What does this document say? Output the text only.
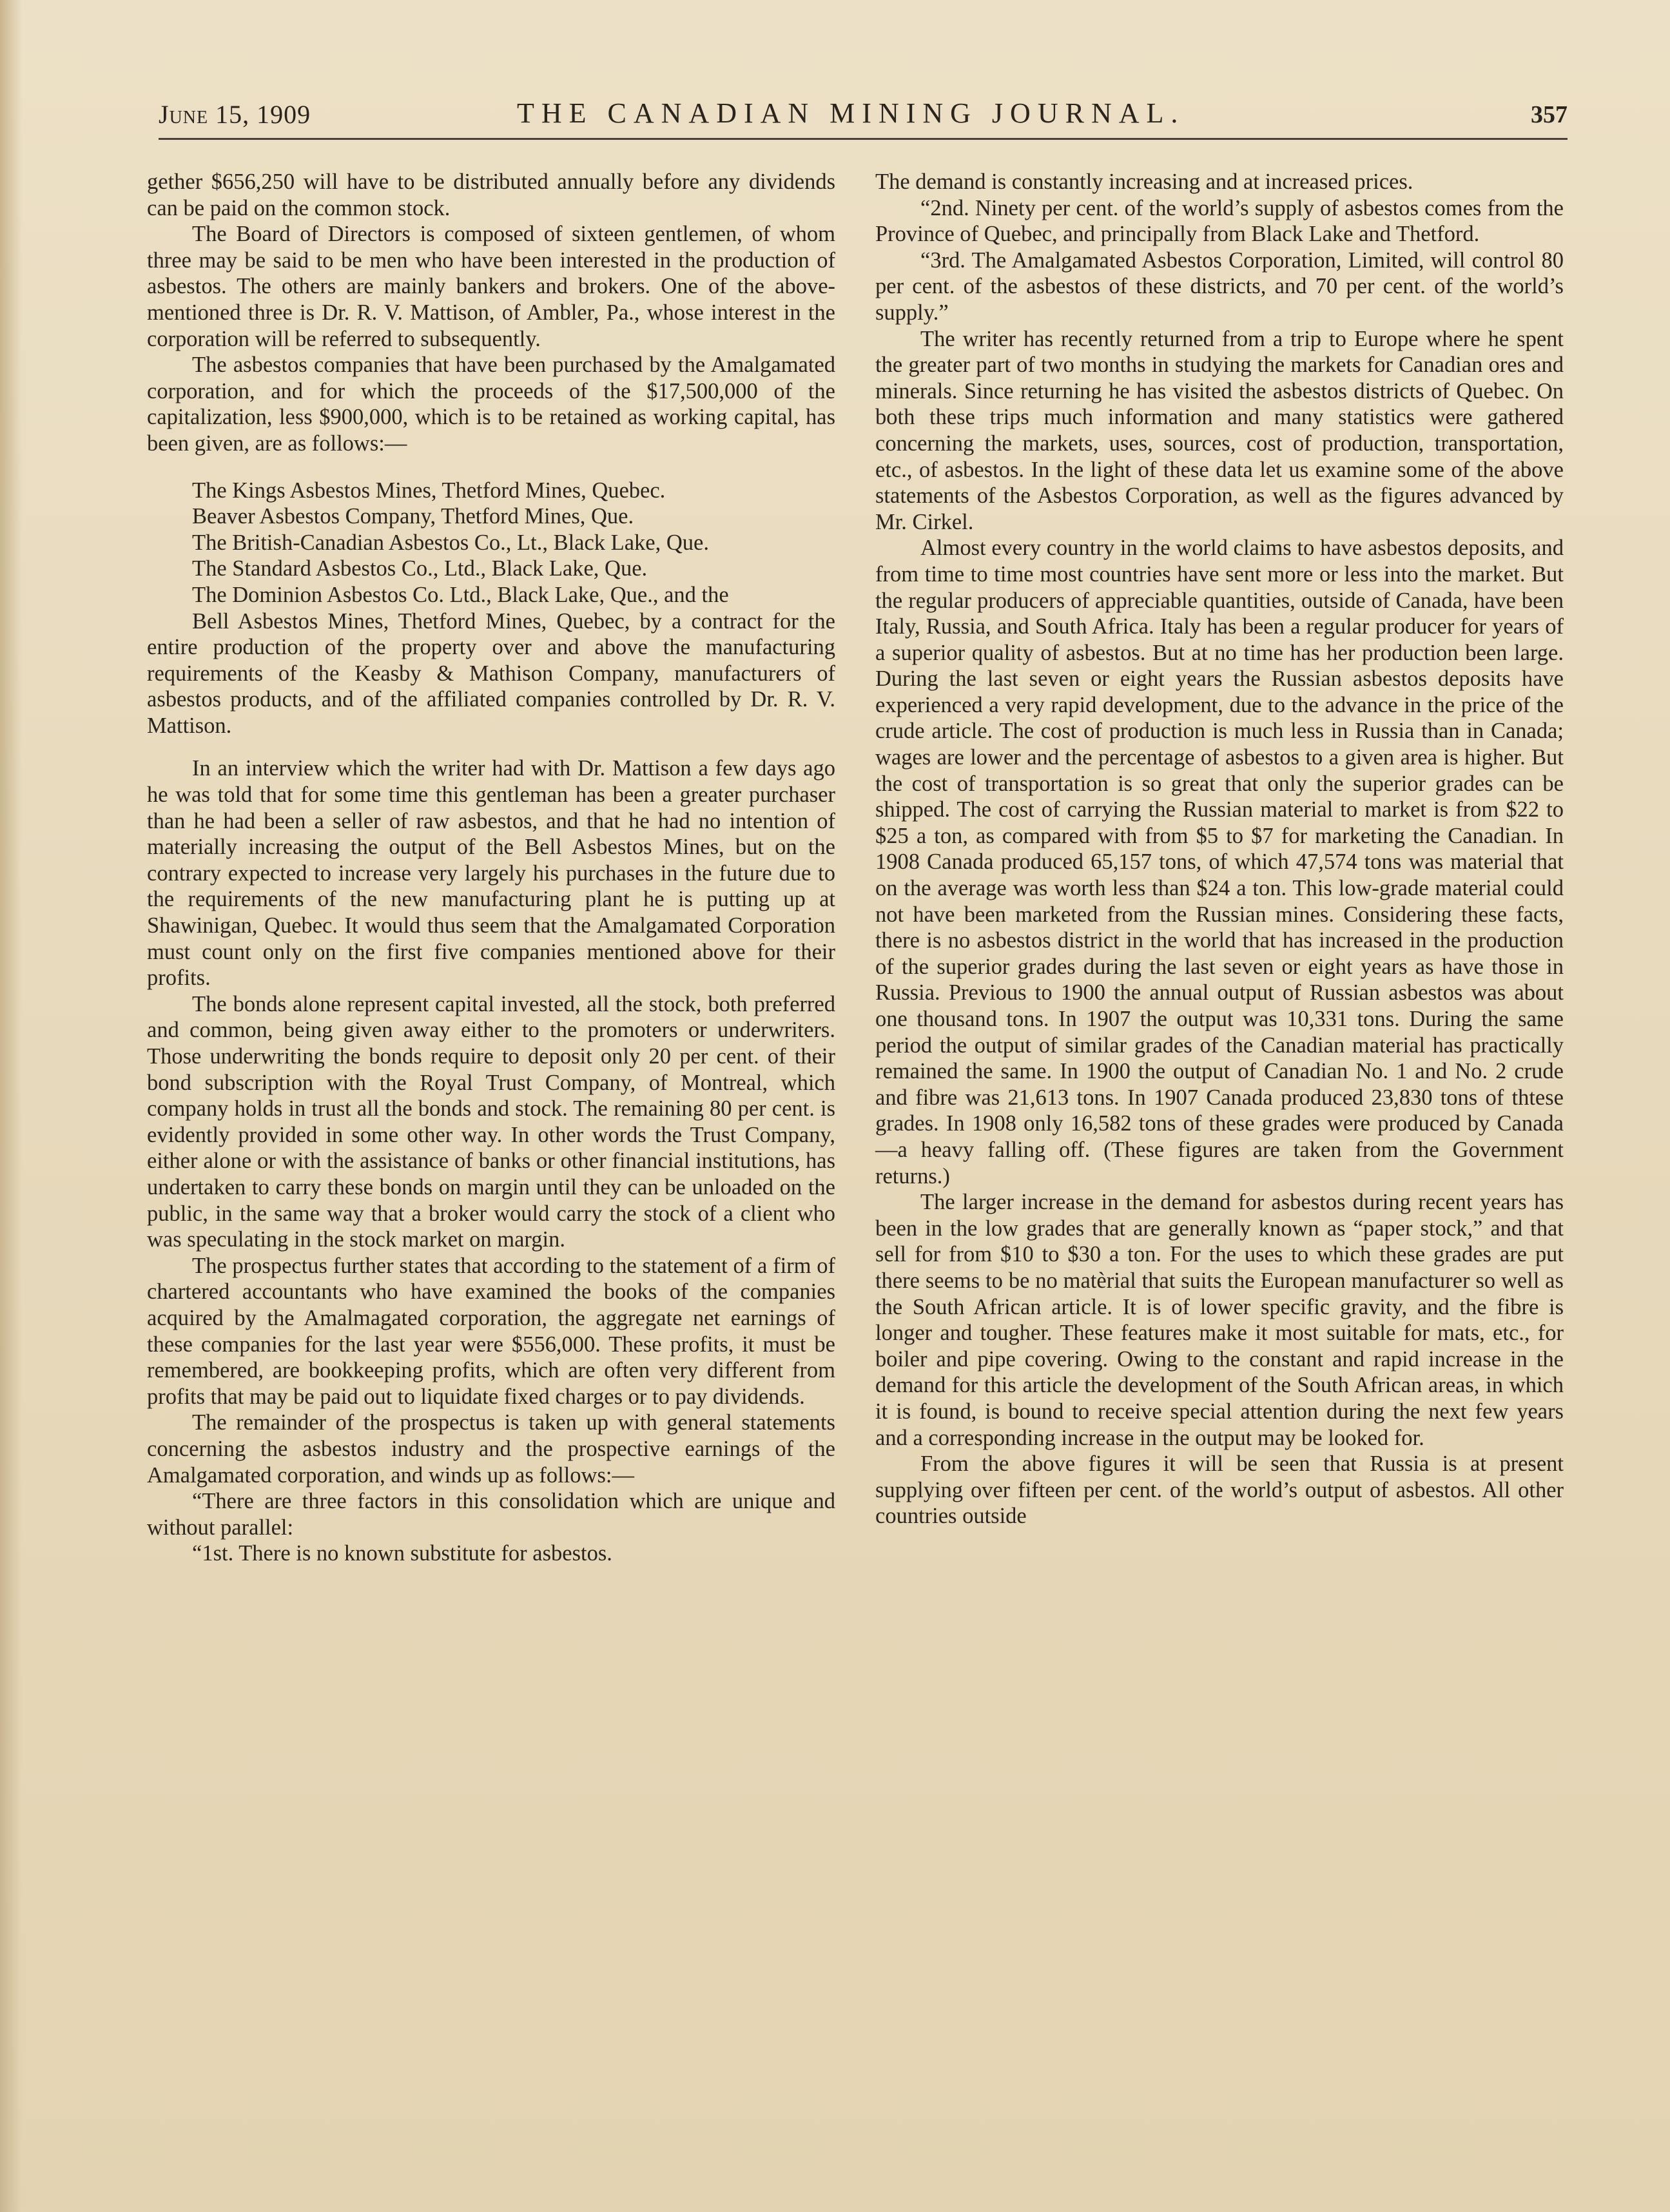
June 15, 1909	THE CANADIAN MINING JOURNAL.	357

gether $656,250 will have to be distributed annually before any dividends can be paid on the common stock.

The Board of Directors is composed of sixteen gentlemen, of whom three may be said to be men who have been interested in the production of asbestos. The others are mainly bankers and brokers. One of the above-mentioned three is Dr. R. V. Mattison, of Ambler, Pa., whose interest in the corporation will be referred to subsequently.

The asbestos companies that have been purchased by the Amalgamated corporation, and for which the proceeds of the $17,500,000 of the capitalization, less $900,000, which is to be retained as working capital, has been given, are as follows:—

The Kings Asbestos Mines, Thetford Mines, Quebec.

Beaver Asbestos Company, Thetford Mines, Que.

The British-Canadian Asbestos Co., Lt., Black Lake, Que.

The Standard Asbestos Co., Ltd., Black Lake, Que.

The Dominion Asbestos Co. Ltd., Black Lake, Que., and the

Bell Asbestos Mines, Thetford Mines, Quebec, by a contract for the entire production of the property over and above the manufacturing requirements of the Keasby & Mathison Company, manufacturers of asbestos products, and of the affiliated companies controlled by Dr. R. V. Mattison.

In an interview which the writer had with Dr. Mattison a few days ago he was told that for some time this gentleman has been a greater purchaser than he had been a seller of raw asbestos, and that he had no intention of materially increasing the output of the Bell Asbestos Mines, but on the contrary expected to increase very largely his purchases in the future due to the requirements of the new manufacturing plant he is putting up at Shawinigan, Quebec. It would thus seem that the Amalgamated Corporation must count only on the first five companies mentioned above for their profits.

The bonds alone represent capital invested, all the stock, both preferred and common, being given away either to the promoters or underwriters. Those underwriting the bonds require to deposit only 20 per cent. of their bond subscription with the Royal Trust Company, of Montreal, which company holds in trust all the bonds and stock. The remaining 80 per cent. is evidently provided in some other way. In other words the Trust Company, either alone or with the assistance of banks or other financial institutions, has undertaken to carry these bonds on margin until they can be unloaded on the public, in the same way that a broker would carry the stock of a client who was speculating in the stock market on margin.

The prospectus further states that according to the statement of a firm of chartered accountants who have examined the books of the companies acquired by the Amalmagated corporation, the aggregate net earnings of these companies for the last year were $556,000. These profits, it must be remembered, are bookkeeping profits, which are often very different from profits that may be paid out to liquidate fixed charges or to pay dividends.

The remainder of the prospectus is taken up with general statements concerning the asbestos industry and the prospective earnings of the Amalgamated corporation, and winds up as follows:—

“There are three factors in this consolidation which are unique and without parallel:

“1st. There is no known substitute for asbestos.

The demand is constantly increasing and at increased prices.

“2nd. Ninety per cent. of the world’s supply of asbestos comes from the Province of Quebec, and principally from Black Lake and Thetford.

“3rd. The Amalgamated Asbestos Corporation, Limited, will control 80 per cent. of the asbestos of these districts, and 70 per cent. of the world’s supply.”

The writer has recently returned from a trip to Europe where he spent the greater part of two months in studying the markets for Canadian ores and minerals. Since returning he has visited the asbestos districts of Quebec. On both these trips much information and many statistics were gathered concerning the markets, uses, sources, cost of production, transportation, etc., of asbestos. In the light of these data let us examine some of the above statements of the Asbestos Corporation, as well as the figures advanced by Mr. Cirkel.

Almost every country in the world claims to have asbestos deposits, and from time to time most countries have sent more or less into the market. But the regular producers of appreciable quantities, outside of Canada, have been Italy, Russia, and South Africa. Italy has been a regular producer for years of a superior quality of asbestos. But at no time has her production been large. During the last seven or eight years the Russian asbestos deposits have experienced a very rapid development, due to the advance in the price of the crude article. The cost of production is much less in Russia than in Canada; wages are lower and the percentage of asbestos to a given area is higher. But the cost of transportation is so great that only the superior grades can be shipped. The cost of carrying the Russian material to market is from $22 to $25 a ton, as compared with from $5 to $7 for marketing the Canadian. In 1908 Canada produced 65,157 tons, of which 47,574 tons was material that on the average was worth less than $24 a ton. This low-grade material could not have been marketed from the Russian mines. Considering these facts, there is no asbestos district in the world that has increased in the production of the superior grades during the last seven or eight years as have those in Russia. Previous to 1900 the annual output of Russian asbestos was about one thousand tons. In 1907 the output was 10,331 tons. During the same period the output of similar grades of the Canadian material has practically remained the same. In 1900 the output of Canadian No. 1 and No. 2 crude and fibre was 21,613 tons. In 1907 Canada produced 23,830 tons of thtese grades. In 1908 only 16,582 tons of these grades were produced by Canada—a heavy falling off. (These figures are taken from the Government returns.)

The larger increase in the demand for asbestos during recent years has been in the low grades that are generally known as “paper stock,” and that sell for from $10 to $30 a ton. For the uses to which these grades are put there seems to be no matèrial that suits the European manufacturer so well as the South African article. It is of lower specific gravity, and the fibre is longer and tougher. These features make it most suitable for mats, etc., for boiler and pipe covering. Owing to the constant and rapid increase in the demand for this article the development of the South African areas, in which it is found, is bound to receive special attention during the next few years and a corresponding increase in the output may be looked for.

From the above figures it will be seen that Russia is at present supplying over fifteen per cent. of the world’s output of asbestos. All other countries outside
